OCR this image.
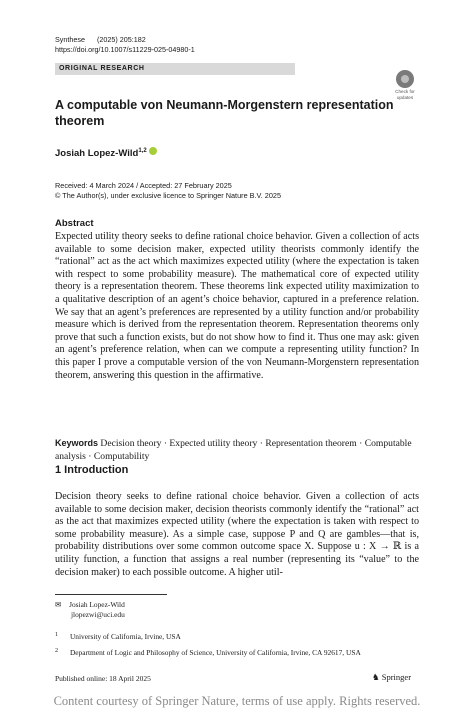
Synthese (2025) 205:182
https://doi.org/10.1007/s11229-025-04980-1
ORIGINAL RESEARCH
Check for
updates
A computable von Neumann-Morgenstern representation theorem
Josiah Lopez-Wild$^{1,2}$
Received: 4 March 2024 / Accepted: 27 February 2025
© The Author(s), under exclusive licence to Springer Nature B.V. 2025
Abstract
Expected utility theory seeks to define rational choice behavior. Given a collection of acts available to some decision maker, expected utility theorists commonly identify the “rational” act as the act which maximizes expected utility (where the expectation is taken with respect to some probability measure). The mathematical core of expected utility theory is a representation theorem. These theorems link expected utility maximization to a qualitative description of an agent’s choice behavior, captured in a preference relation. We say that an agent’s preferences are represented by a utility function and/or probability measure which is derived from the representation theorem. Representation theorems only prove that such a function exists, but do not show how to find it. Thus one may ask: given an agent’s preference relation, when can we compute a representing utility function? In this paper I prove a computable version of the von Neumann-Morgenstern representation theorem, answering this question in the affirmative.
Keywords Decision theory · Expected utility theory · Representation theorem · Computable analysis · Computability
1 Introduction
Decision theory seeks to define rational choice behavior. Given a collection of acts available to some decision maker, decision theorists commonly identify the “rational” act as the act that maximizes expected utility (where the expectation is taken with respect to some probability measure). As a simple case, suppose P and Q are gambles—that is, probability distributions over some common outcome space X. Suppose u : X → ℝ is a utility function, a function that assigns a real number (representing its “value” to the decision maker) to each possible outcome. A higher util-
✉ Josiah Lopez-Wild
jlopezwi@uci.edu
$^1$ University of California, Irvine, USA
$^2$ Department of Logic and Philosophy of Science, University of California, Irvine, CA 92617, USA
Published online: 18 April 2025	♞ Springer
Content courtesy of Springer Nature, terms of use apply. Rights reserved.
